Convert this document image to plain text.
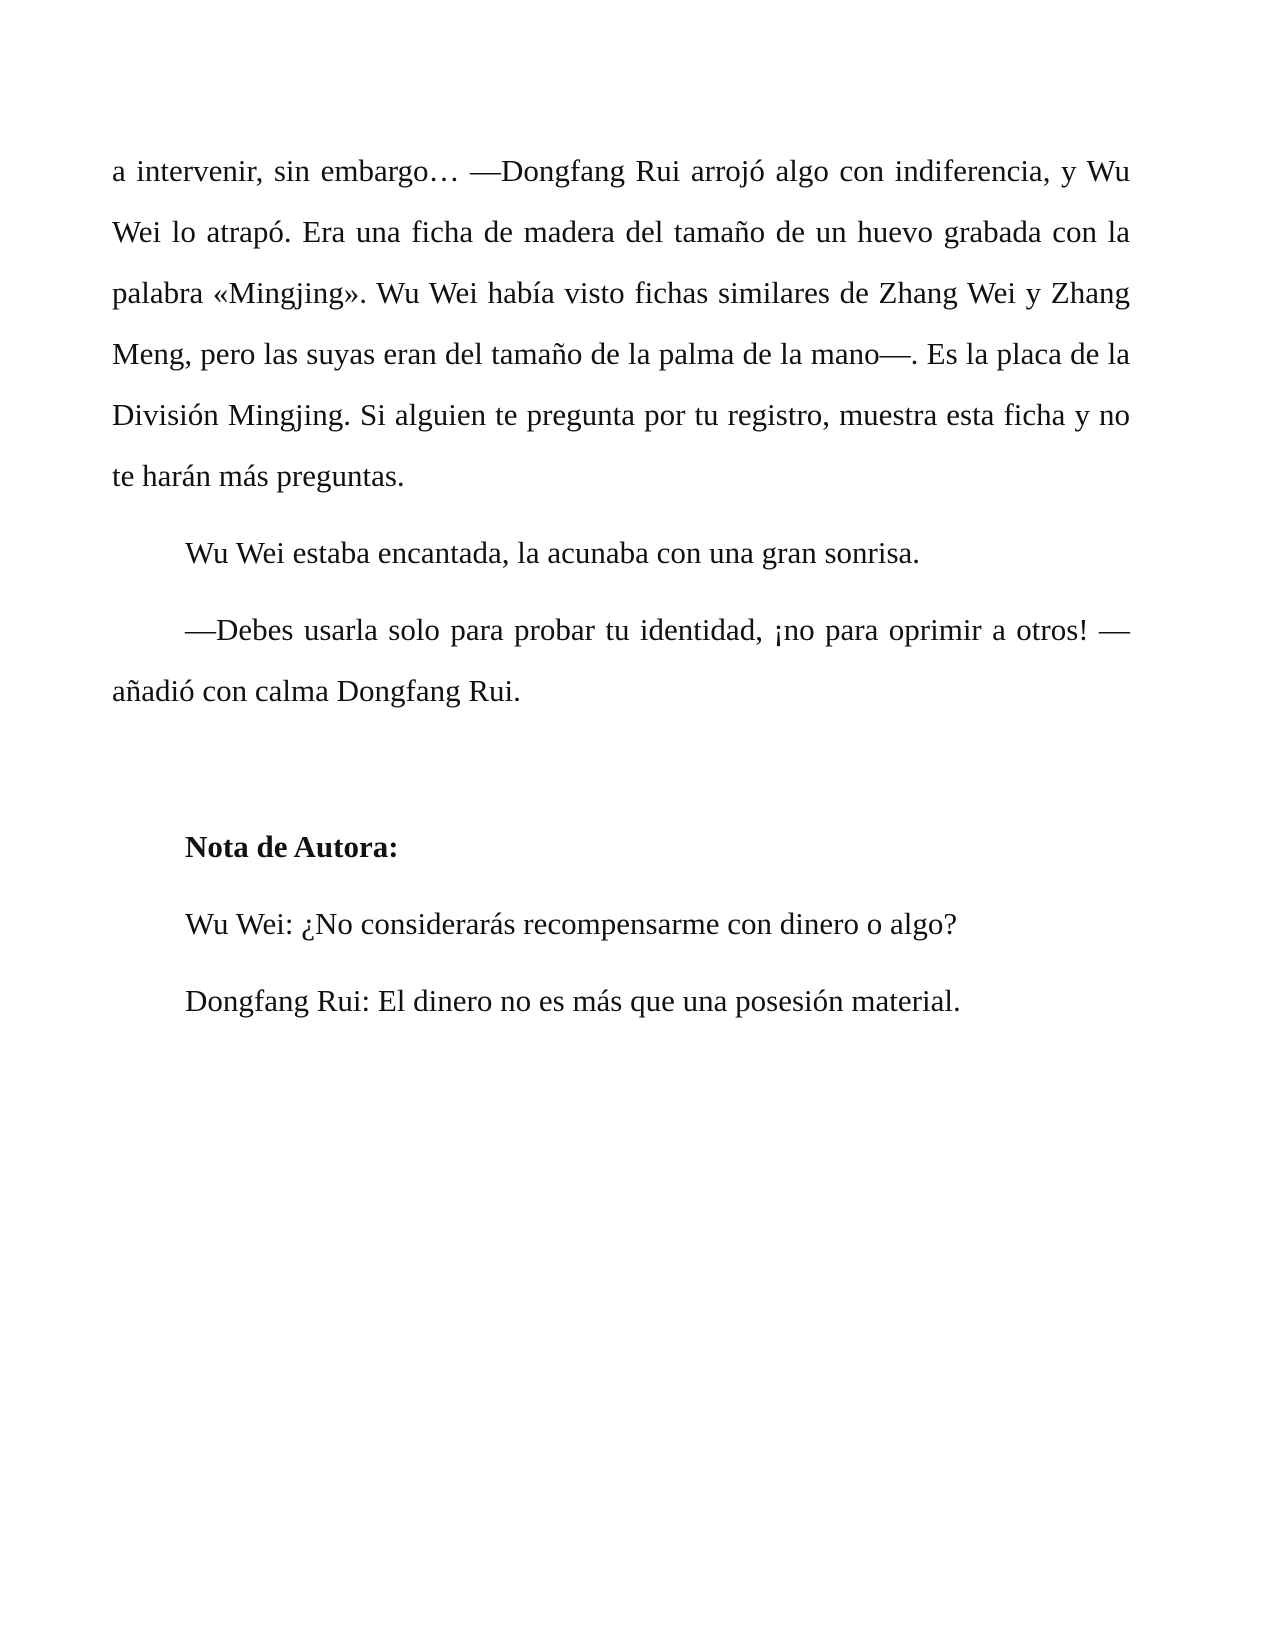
a intervenir, sin embargo… —Dongfang Rui arrojó algo con indiferencia, y Wu Wei lo atrapó. Era una ficha de madera del tamaño de un huevo grabada con la palabra «Mingjing». Wu Wei había visto fichas similares de Zhang Wei y Zhang Meng, pero las suyas eran del tamaño de la palma de la mano—. Es la placa de la División Mingjing. Si alguien te pregunta por tu registro, muestra esta ficha y no te harán más preguntas.

Wu Wei estaba encantada, la acunaba con una gran sonrisa.

—Debes usarla solo para probar tu identidad, ¡no para oprimir a otros! —añadió con calma Dongfang Rui.

Nota de Autora:

Wu Wei: ¿No considerarás recompensarme con dinero o algo?

Dongfang Rui: El dinero no es más que una posesión material.
